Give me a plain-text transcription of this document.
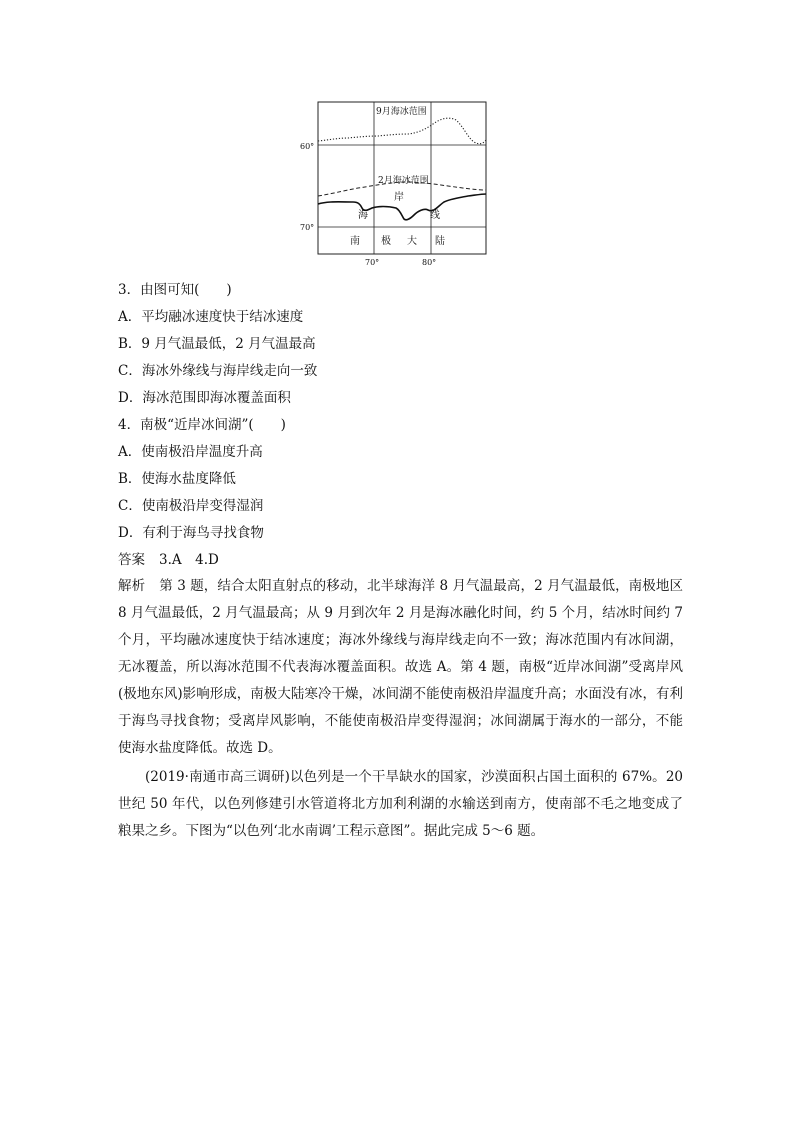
9月海冰范围
2月海冰范围
60°
70°
70°	80°
海
岸
线
南 极 大 陆
3．由图可知(　　)
A．平均融冰速度快于结冰速度
B．9 月气温最低，2 月气温最高
C．海冰外缘线与海岸线走向一致
D．海冰范围即海冰覆盖面积
4．南极“近岸冰间湖”(　　)
A．使南极沿岸温度升高
B．使海水盐度降低
C．使南极沿岸变得湿润
D．有利于海鸟寻找食物
答案 3.A　4.D
解析 第 3 题，结合太阳直射点的移动，北半球海洋 8 月气温最高，2 月气温最低，南极地区 8 月气温最低，2 月气温最高；从 9 月到次年 2 月是海冰融化时间，约 5 个月，结冰时间约 7 个月，平均融冰速度快于结冰速度；海冰外缘线与海岸线走向不一致；海冰范围内有冰间湖，无冰覆盖，所以海冰范围不代表海冰覆盖面积。故选 A。第 4 题，南极“近岸冰间湖”受离岸风(极地东风)影响形成，南极大陆寒冷干燥，冰间湖不能使南极沿岸温度升高；水面没有冰，有利于海鸟寻找食物；受离岸风影响，不能使南极沿岸变得湿润；冰间湖属于海水的一部分，不能使海水盐度降低。故选 D。
(2019·南通市高三调研)以色列是一个干旱缺水的国家，沙漠面积占国土面积的 67%。20 世纪 50 年代，以色列修建引水管道将北方加利利湖的水输送到南方，使南部不毛之地变成了粮果之乡。下图为“以色列‘北水南调’工程示意图”。据此完成 5～6 题。
